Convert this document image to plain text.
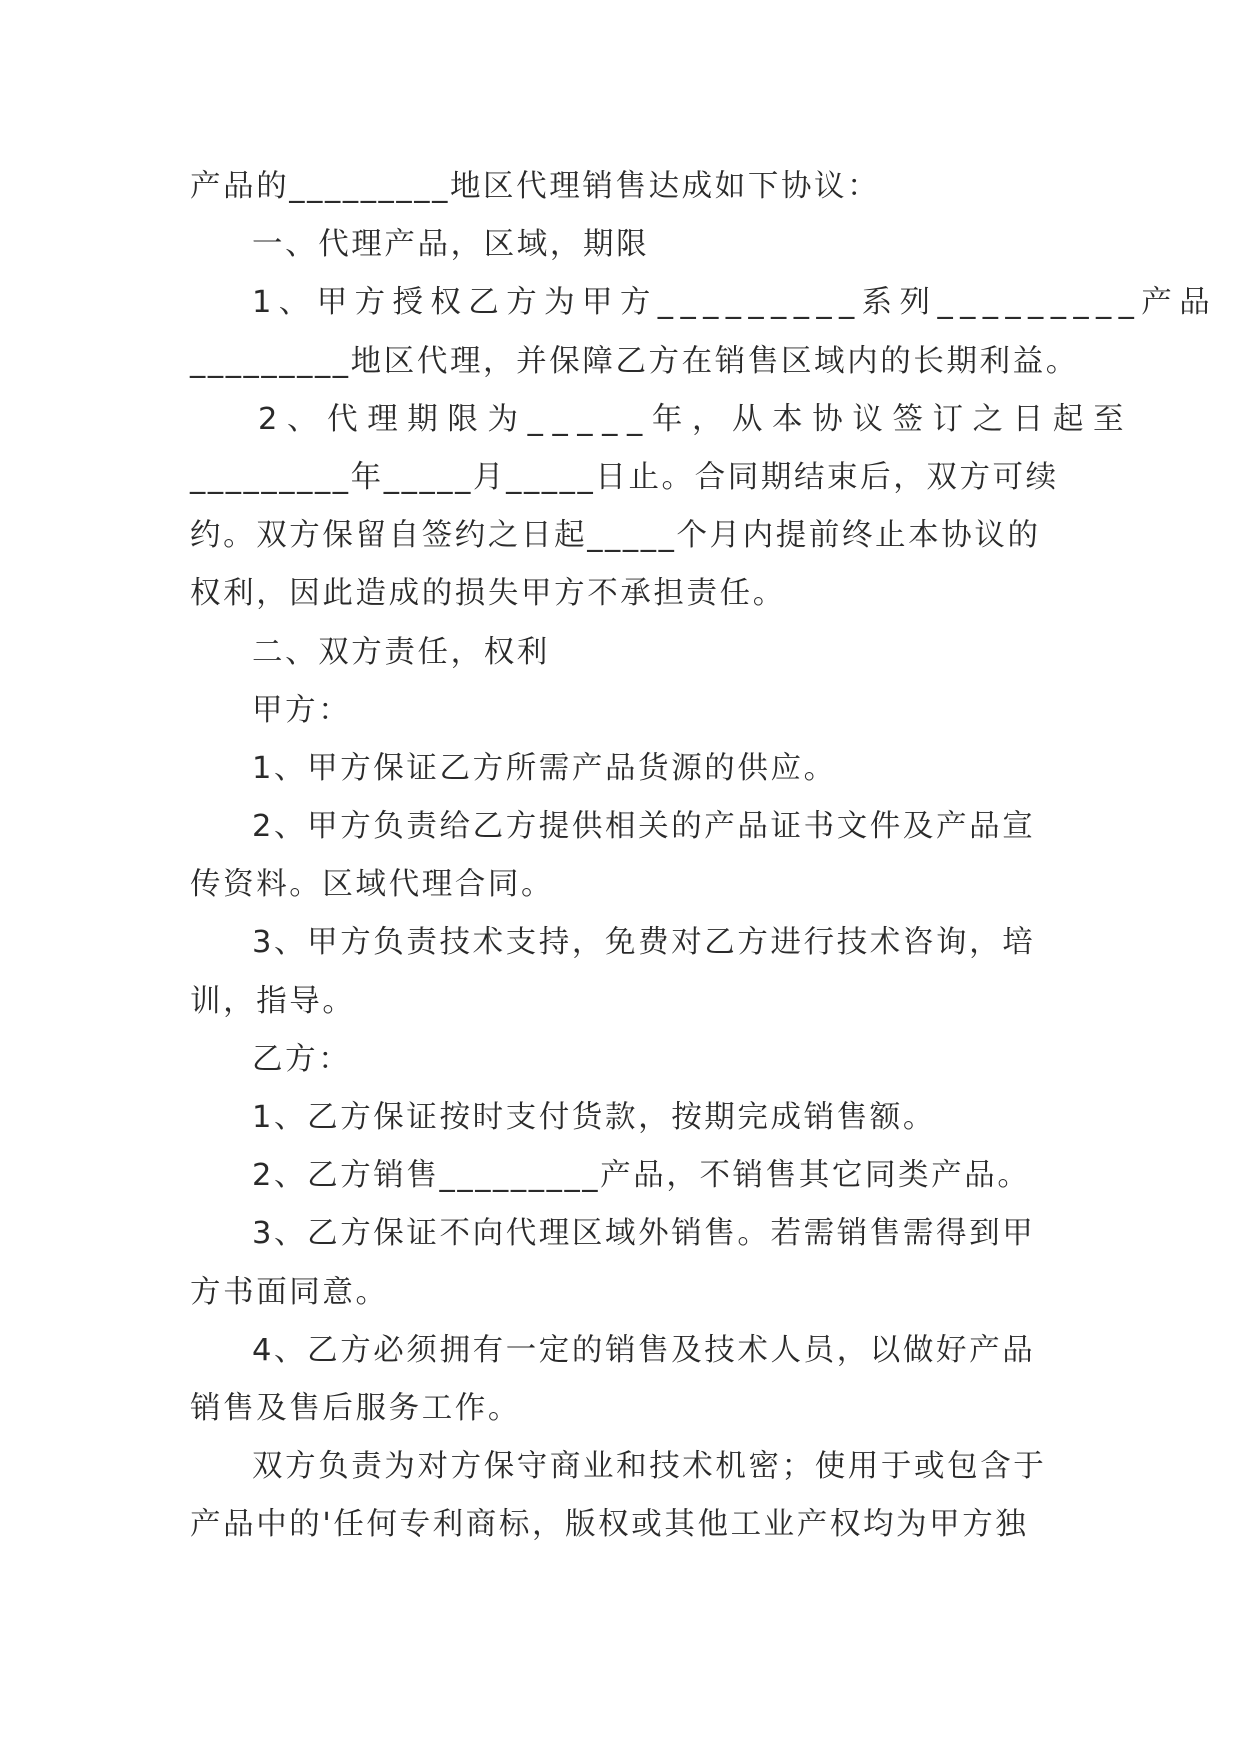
产品的_________地区代理销售达成如下协议：
一、代理产品，区域，期限
1、甲方授权乙方为甲方_________系列_________产品
_________地区代理，并保障乙方在销售区域内的长期利益。
2、代理期限为_____年，从本协议签订之日起至
_________年_____月_____日止。合同期结束后，双方可续
约。双方保留自签约之日起_____个月内提前终止本协议的
权利，因此造成的损失甲方不承担责任。
二、双方责任，权利
甲方：
1、甲方保证乙方所需产品货源的供应。
2、甲方负责给乙方提供相关的产品证书文件及产品宣
传资料。区域代理合同。
3、甲方负责技术支持，免费对乙方进行技术咨询，培
训，指导。
乙方：
1、乙方保证按时支付货款，按期完成销售额。
2、乙方销售_________产品，不销售其它同类产品。
3、乙方保证不向代理区域外销售。若需销售需得到甲
方书面同意。
4、乙方必须拥有一定的销售及技术人员，以做好产品
销售及售后服务工作。
双方负责为对方保守商业和技术机密；使用于或包含于
产品中的'任何专利商标，版权或其他工业产权均为甲方独
